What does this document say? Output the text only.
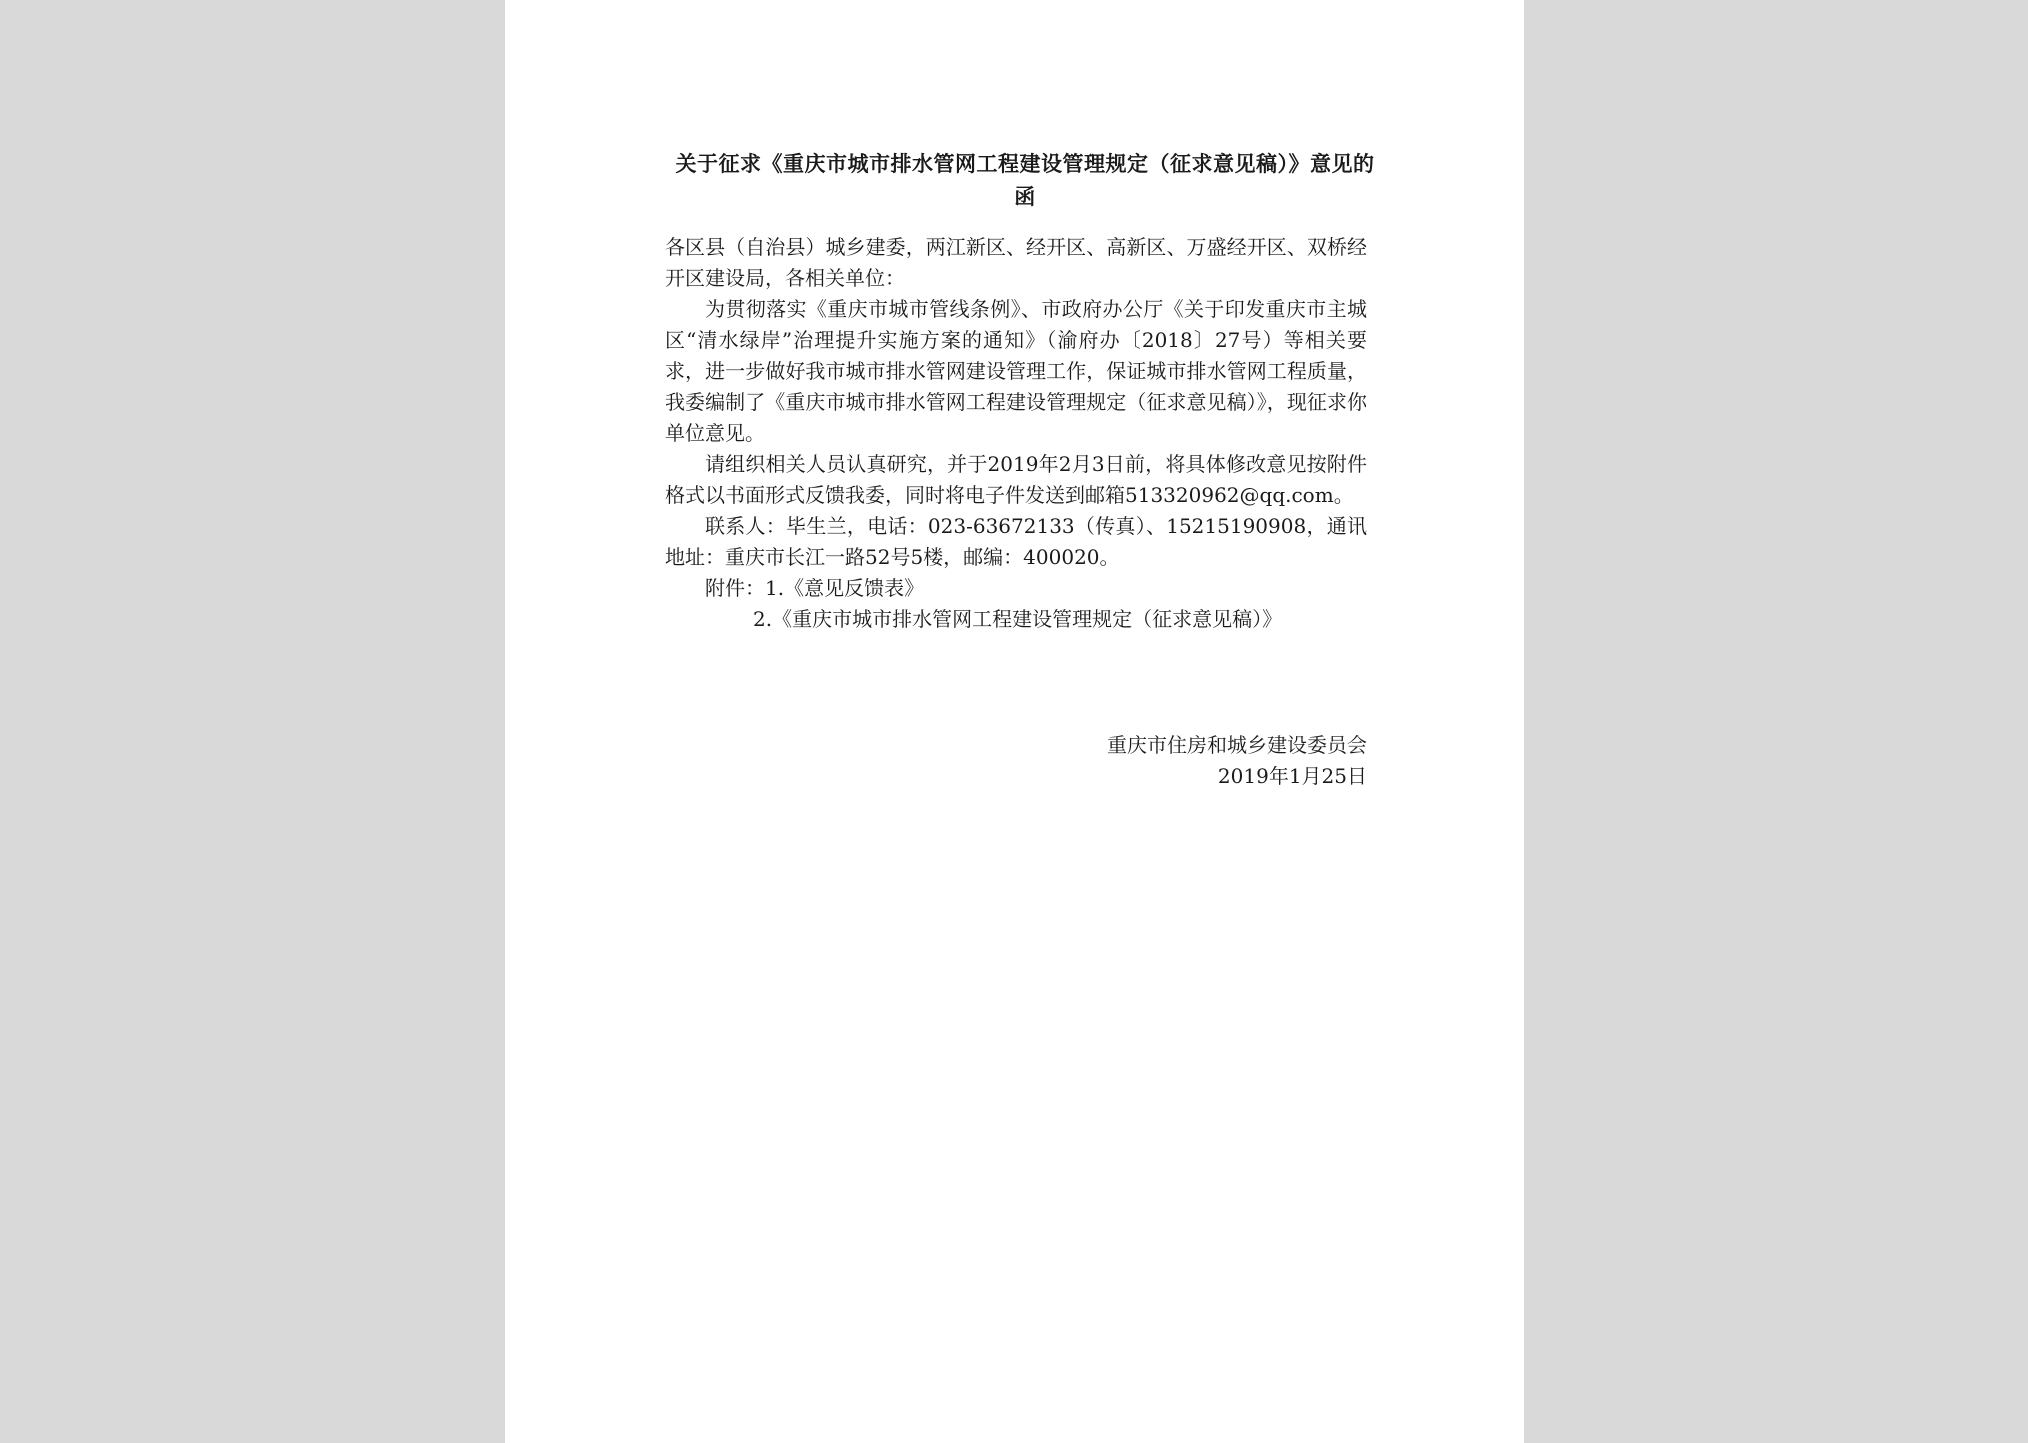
关于征求《重庆市城市排水管网工程建设管理规定（征求意见稿）》意见的函

各区县（自治县）城乡建委，两江新区、经开区、高新区、万盛经开区、双桥经开区建设局，各相关单位：

为贯彻落实《重庆市城市管线条例》、市政府办公厅《关于印发重庆市主城区“清水绿岸”治理提升实施方案的通知》（渝府办〔2018〕27号）等相关要求，进一步做好我市城市排水管网建设管理工作，保证城市排水管网工程质量，我委编制了《重庆市城市排水管网工程建设管理规定（征求意见稿）》，现征求你单位意见。

请组织相关人员认真研究，并于2019年2月3日前，将具体修改意见按附件格式以书面形式反馈我委，同时将电子件发送到邮箱513320962@qq.com。

联系人：毕生兰，电话：023-63672133（传真）、15215190908，通讯地址：重庆市长江一路52号5楼，邮编：400020。

附件：1.《意见反馈表》

2.《重庆市城市排水管网工程建设管理规定（征求意见稿）》

重庆市住房和城乡建设委员会
2019年1月25日
